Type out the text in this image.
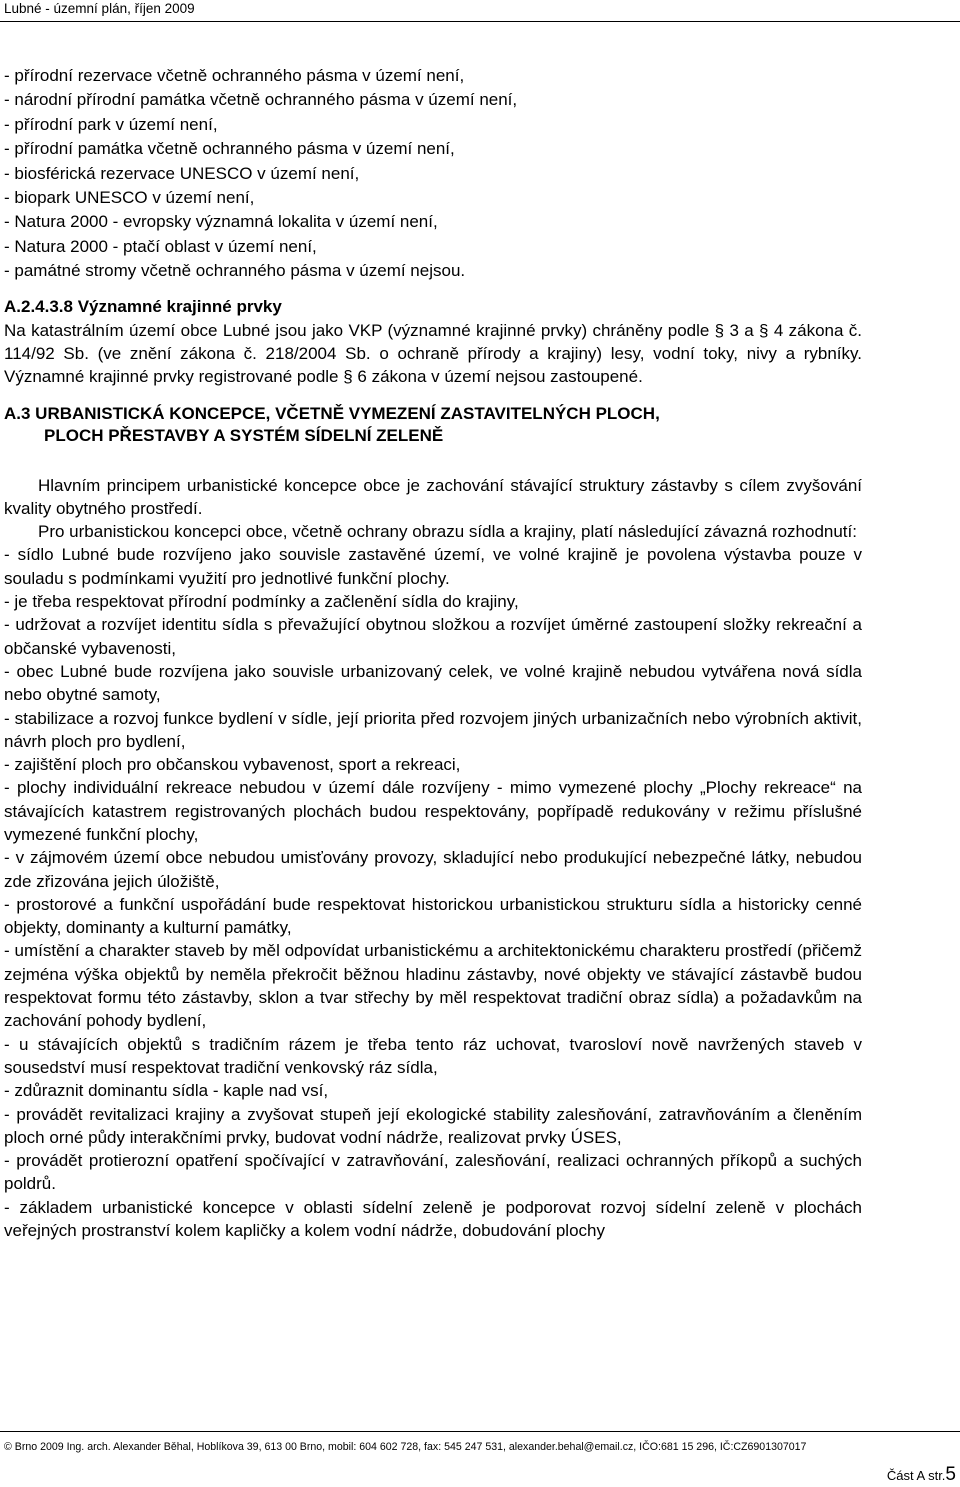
Lubné - územní plán, říjen 2009
- přírodní rezervace včetně ochranného pásma v území není,
- národní přírodní památka včetně ochranného pásma v území není,
- přírodní park v území není,
- přírodní památka včetně ochranného pásma v území není,
- biosférická rezervace UNESCO v území není,
- biopark UNESCO v území není,
- Natura 2000 - evropsky významná lokalita v území není,
- Natura 2000 - ptačí oblast v území není,
- památné stromy včetně ochranného pásma v území nejsou.
A.2.4.3.8 Významné krajinné prvky
Na katastrálním území obce Lubné jsou jako VKP (významné krajinné prvky) chráněny podle § 3 a § 4 zákona č. 114/92 Sb. (ve znění zákona č. 218/2004 Sb. o ochraně přírody a krajiny) lesy, vodní toky, nivy a rybníky. Významné krajinné prvky registrované podle § 6 zákona v území nejsou zastoupené.
A.3 URBANISTICKÁ KONCEPCE, VČETNĚ VYMEZENÍ ZASTAVITELNÝCH PLOCH,
PLOCH PŘESTAVBY A SYSTÉM SÍDELNÍ ZELENĚ
Hlavním principem urbanistické koncepce obce je zachování stávající struktury zástavby s cílem zvyšování kvality obytného prostředí.
Pro urbanistickou koncepci obce, včetně ochrany obrazu sídla a krajiny, platí následující závazná rozhodnutí:
- sídlo Lubné bude rozvíjeno jako souvisle zastavěné území, ve volné krajině je povolena výstavba pouze v souladu s podmínkami využití pro jednotlivé funkční plochy.
- je třeba respektovat přírodní podmínky a začlenění sídla do krajiny,
- udržovat a rozvíjet identitu sídla s převažující obytnou složkou a rozvíjet úměrné zastoupení složky rekreační a občanské vybavenosti,
- obec Lubné bude rozvíjena jako souvisle urbanizovaný celek, ve volné krajině nebudou vytvářena nová sídla nebo obytné samoty,
- stabilizace a rozvoj funkce bydlení v sídle, její priorita před rozvojem jiných urbanizačních nebo výrobních aktivit, návrh ploch pro bydlení,
- zajištění ploch pro občanskou vybavenost, sport a rekreaci,
- plochy individuální rekreace nebudou v území dále rozvíjeny - mimo vymezené plochy „Plochy rekreace“ na stávajících katastrem registrovaných plochách budou respektovány, popřípadě redukovány v režimu příslušné vymezené funkční plochy,
- v zájmovém území obce nebudou umisťovány provozy, skladující nebo produkující nebezpečné látky, nebudou zde zřizována jejich úložiště,
- prostorové a funkční uspořádání bude respektovat historickou urbanistickou strukturu sídla a historicky cenné objekty, dominanty a kulturní památky,
- umístění a charakter staveb by měl odpovídat urbanistickému a architektonickému charakteru prostředí (přičemž zejména výška objektů by neměla překročit běžnou hladinu zástavby, nové objekty ve stávající zástavbě budou respektovat formu této zástavby, sklon a tvar střechy by měl respektovat tradiční obraz sídla) a požadavkům na zachování pohody bydlení,
- u stávajících objektů s tradičním rázem je třeba tento ráz uchovat, tvarosloví nově navržených staveb v sousedství musí respektovat tradiční venkovský ráz sídla,
- zdůraznit dominantu sídla - kaple nad vsí,
- provádět revitalizaci krajiny a zvyšovat stupeň její ekologické stability zalesňování, zatravňováním a členěním ploch orné půdy interakčními prvky, budovat vodní nádrže, realizovat prvky ÚSES,
- provádět protierozní opatření spočívající v zatravňování, zalesňování, realizaci ochranných příkopů a suchých poldrů.
- základem urbanistické koncepce v oblasti sídelní zeleně je podporovat rozvoj sídelní zeleně v plochách veřejných prostranství kolem kapličky a kolem vodní nádrže, dobudování plochy
© Brno 2009 Ing. arch. Alexander Běhal, Hoblíkova 39, 613 00 Brno, mobil: 604 602 728, fax: 545 247 531, alexander.behal@email.cz, IČO:681 15 296, IČ:CZ6901307017
Část A str.5
